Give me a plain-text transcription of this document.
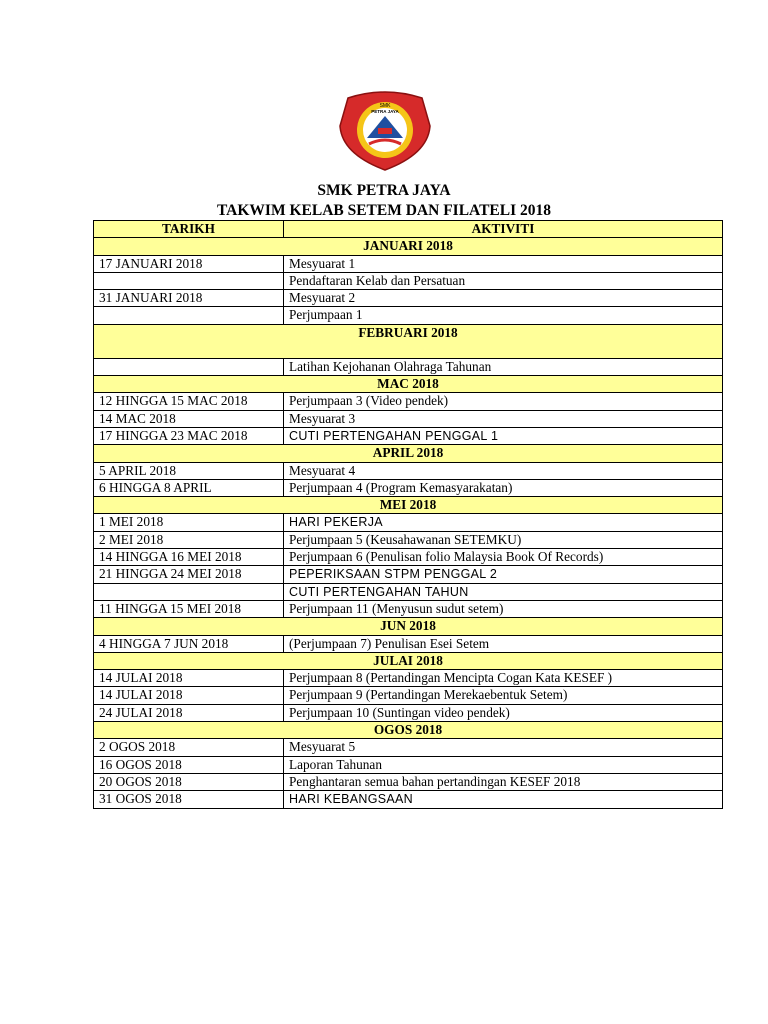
SMK
PETRA JAYA
SMK PETRA JAYA
TAKWIM KELAB SETEM DAN FILATELI 2018
TARIKH	AKTIVITI
JANUARI 2018	
17 JANUARI 2018	Mesyuarat 1
	Pendaftaran Kelab dan Persatuan
31 JANUARI 2018	Mesyuarat 2
	Perjumpaan 1
FEBRUARI 2018	
	Latihan Kejohanan Olahraga Tahunan
MAC 2018	
12 HINGGA 15 MAC 2018	Perjumpaan 3 (Video pendek)
14 MAC 2018	Mesyuarat 3
17 HINGGA 23 MAC 2018	CUTI PERTENGAHAN PENGGAL 1
APRIL 2018	
5 APRIL 2018	Mesyuarat 4
6 HINGGA 8 APRIL	Perjumpaan 4 (Program Kemasyarakatan)
MEI 2018	
1 MEI 2018	HARI PEKERJA
2 MEI 2018	Perjumpaan 5 (Keusahawanan SETEMKU)
14 HINGGA 16 MEI 2018	Perjumpaan 6 (Penulisan folio Malaysia Book Of Records)
21 HINGGA 24 MEI 2018	PEPERIKSAAN STPM PENGGAL 2
	CUTI PERTENGAHAN TAHUN
11 HINGGA 15 MEI 2018	Perjumpaan 11 (Menyusun sudut setem)
JUN 2018	
4 HINGGA 7 JUN 2018	(Perjumpaan 7) Penulisan Esei Setem
JULAI 2018	
14 JULAI 2018	Perjumpaan 8 (Pertandingan Mencipta Cogan Kata KESEF )
14 JULAI 2018	Perjumpaan 9 (Pertandingan Merekaebentuk Setem)
24 JULAI 2018	Perjumpaan 10 (Suntingan video pendek)
OGOS 2018	
2 OGOS 2018	Mesyuarat 5
16 OGOS 2018	Laporan Tahunan
20 OGOS 2018	Penghantaran semua bahan pertandingan KESEF 2018
31 OGOS 2018	HARI KEBANGSAAN
